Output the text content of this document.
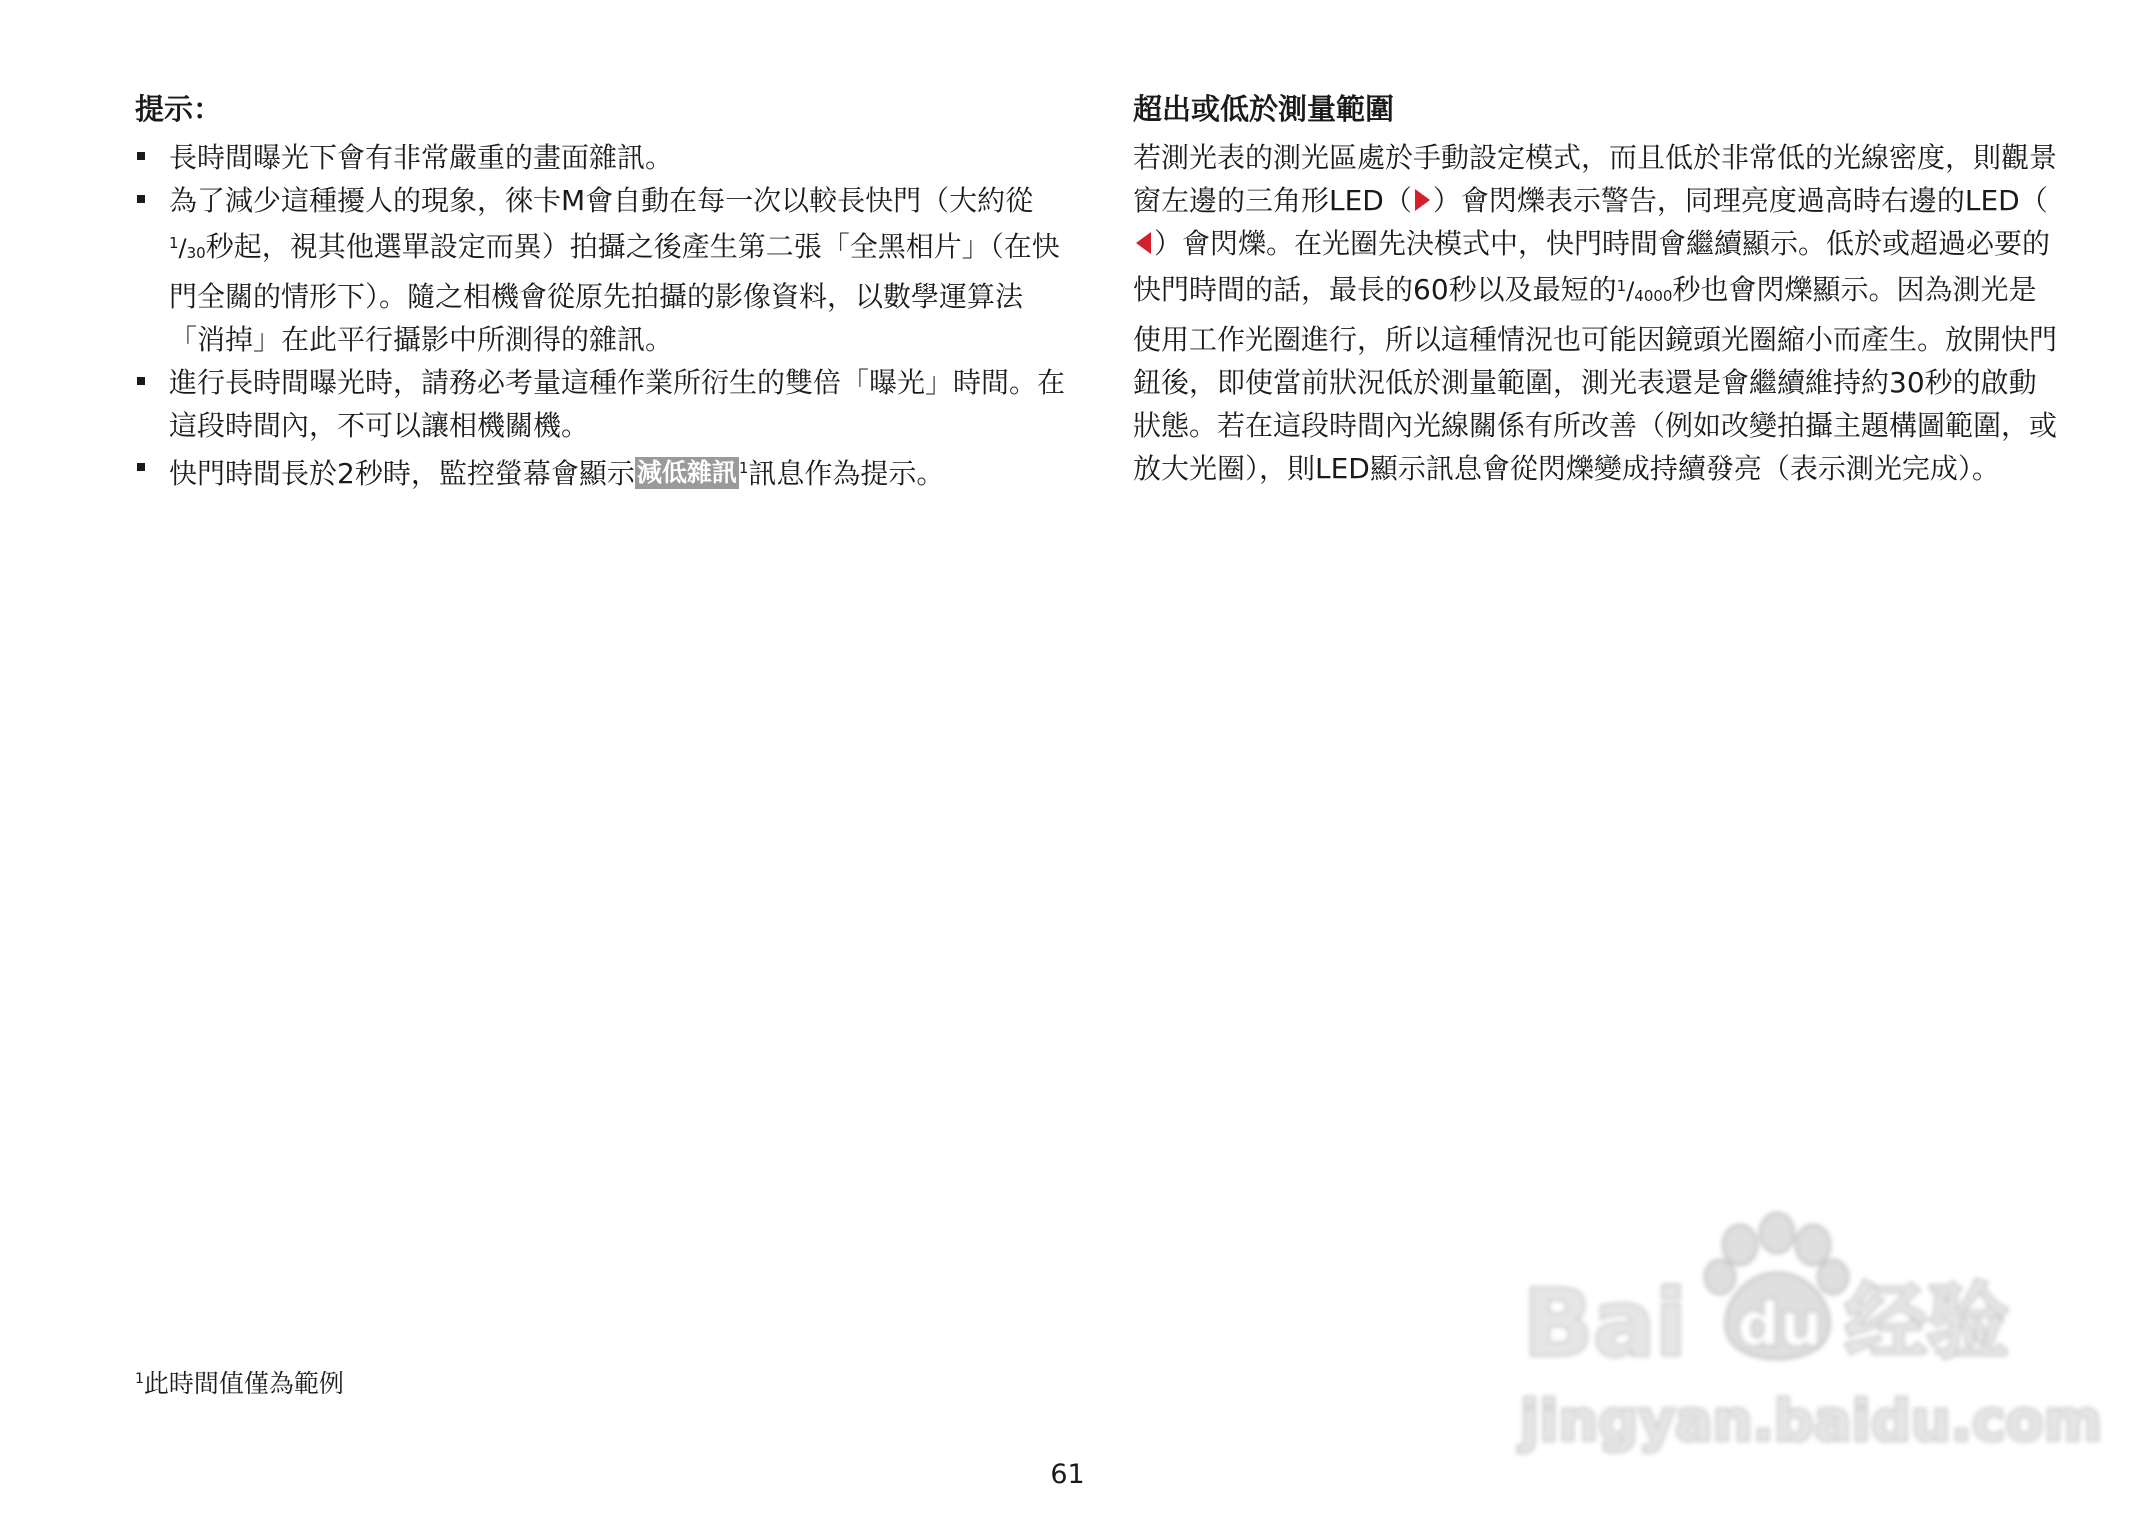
提示：
長時間曝光下會有非常嚴重的畫面雜訊。
為了減少這種擾人的現象，徠卡M會自動在每一次以較長快門（大約從$^1/_{30}$秒起，視其他選單設定而異）拍攝之後產生第二張「全黑相片」（在快門全關的情形下）。隨之相機會從原先拍攝的影像資料，以數學運算法「消掉」在此平行攝影中所測得的雜訊。
進行長時間曝光時，請務必考量這種作業所衍生的雙倍「曝光」時間。在這段時間內，不可以讓相機關機。
快門時間長於2秒時，監控螢幕會顯示減低雜訊 $^1$訊息作為提示。
超出或低於測量範圍

若測光表的測光區處於手動設定模式，而且低於非常低的光線密度，則觀景窗左邊的三角形LED（ ）會閃爍表示警告，同理亮度過高時右邊的LED（）會閃爍。在光圈先決模式中，快門時間會繼續顯示。低於或超過必要的快門時間的話，最長的60秒以及最短的$^1/_{4000}$秒也會閃爍顯示。因為測光是使用工作光圈進行，所以這種情況也可能因鏡頭光圈縮小而產生。放開快門鈕後，即使當前狀況低於測量範圍，測光表還是會繼續維持約30秒的啟動狀態。若在這段時間內光線關係有所改善（例如改變拍攝主題構圖範圍，或放大光圈），則LED顯示訊息會從閃爍變成持續發亮（表示測光完成）。

$^1$此時間值僅為範例
61
Bai du 经验
jingyan.baidu.com
